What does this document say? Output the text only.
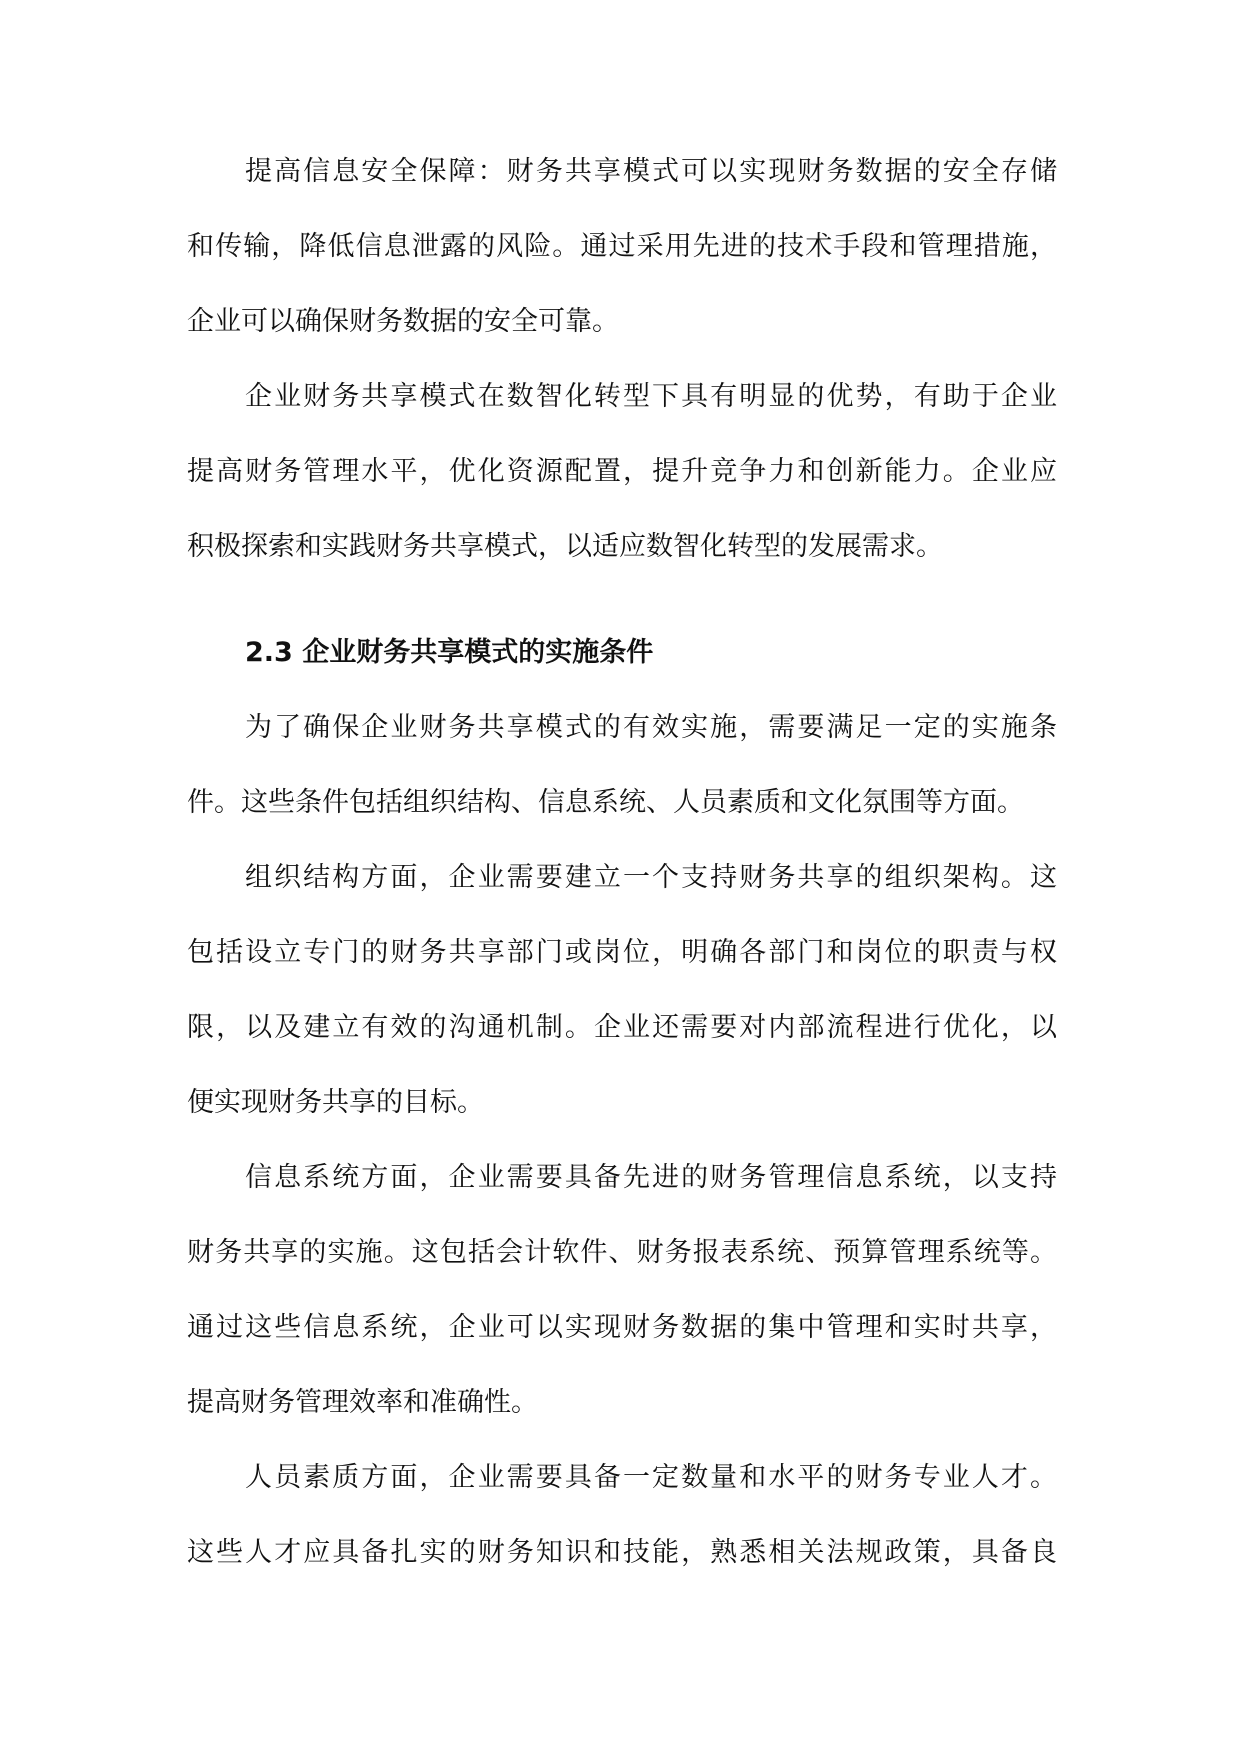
提高信息安全保障：财务共享模式可以实现财务数据的安全存储
和传输，降低信息泄露的风险。通过采用先进的技术手段和管理措施，
企业可以确保财务数据的安全可靠。
企业财务共享模式在数智化转型下具有明显的优势，有助于企业
提高财务管理水平，优化资源配置，提升竞争力和创新能力。企业应
积极探索和实践财务共享模式，以适应数智化转型的发展需求。
2.3 企业财务共享模式的实施条件
为了确保企业财务共享模式的有效实施，需要满足一定的实施条
件。这些条件包括组织结构、信息系统、人员素质和文化氛围等方面。
组织结构方面，企业需要建立一个支持财务共享的组织架构。这
包括设立专门的财务共享部门或岗位，明确各部门和岗位的职责与权
限，以及建立有效的沟通机制。企业还需要对内部流程进行优化，以
便实现财务共享的目标。
信息系统方面，企业需要具备先进的财务管理信息系统，以支持
财务共享的实施。这包括会计软件、财务报表系统、预算管理系统等。
通过这些信息系统，企业可以实现财务数据的集中管理和实时共享，
提高财务管理效率和准确性。
人员素质方面，企业需要具备一定数量和水平的财务专业人才。
这些人才应具备扎实的财务知识和技能，熟悉相关法规政策，具备良
